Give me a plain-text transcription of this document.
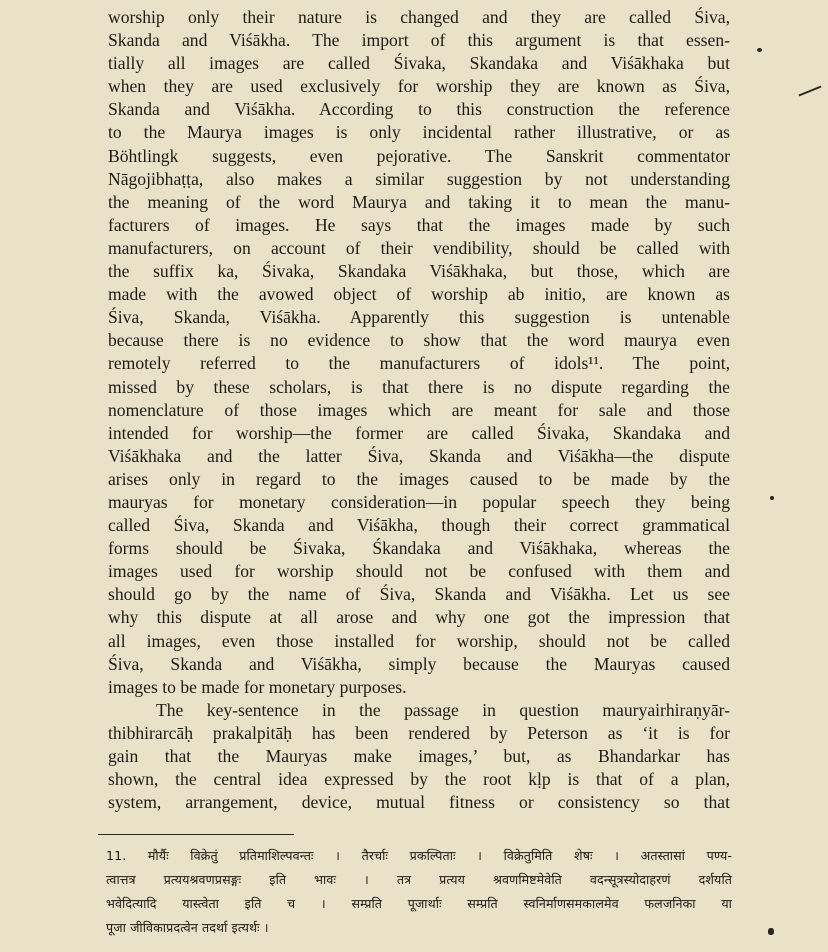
worship only their nature is changed and they are called Śiva,
Skanda and Viśākha. The import of this argument is that essen-
tially all images are called Śivaka, Skandaka and Viśākhaka but
when they are used exclusively for worship they are known as Śiva,
Skanda and Viśākha. According to this construction the reference
to the Maurya images is only incidental rather illustrative, or as
Böhtlingk suggests, even pejorative. The Sanskrit commentator
Nāgojibhaṭṭa, also makes a similar suggestion by not understanding
the meaning of the word Maurya and taking it to mean the manu-
facturers of images. He says that the images made by such
manufacturers, on account of their vendibility, should be called with
the suffix ka, Śivaka, Skandaka Viśākhaka, but those, which are
made with the avowed object of worship ab initio, are known as
Śiva, Skanda, Viśākha. Apparently this suggestion is untenable
because there is no evidence to show that the word maurya even
remotely referred to the manufacturers of idols¹¹. The point,
missed by these scholars, is that there is no dispute regarding the
nomenclature of those images which are meant for sale and those
intended for worship—the former are called Śivaka, Skandaka and
Viśākhaka and the latter Śiva, Skanda and Viśākha—the dispute
arises only in regard to the images caused to be made by the
mauryas for monetary consideration—in popular speech they being
called Śiva, Skanda and Viśākha, though their correct grammatical
forms should be Śivaka, Śkandaka and Viśākhaka, whereas the
images used for worship should not be confused with them and
should go by the name of Śiva, Skanda and Viśākha. Let us see
why this dispute at all arose and why one got the impression that
all images, even those installed for worship, should not be called
Śiva, Skanda and Viśākha, simply because the Mauryas caused
images to be made for monetary purposes.
The key-sentence in the passage in question mauryairhiraṇyār-
thibhirarcāḥ prakalpitāḥ has been rendered by Peterson as ‘it is for
gain that the Mauryas make images,’ but, as Bhandarkar has
shown, the central idea expressed by the root kḷp is that of a plan,
system, arrangement, device, mutual fitness or consistency so that
11. मौर्यैः विक्रेतुं प्रतिमाशिल्पवन्तः । तैरर्चाः प्रकल्पिताः । विक्रेतुमिति शेषः । अतस्तासां पण्य-
त्वात्तत्र प्रत्ययश्रवणप्रसङ्गः इति भावः । तत्र प्रत्यय श्रवणमिष्टमेवेति वदन्सूत्रस्योदाहरणं दर्शयति
भवेदित्यादि यास्त्वेता इति च । सम्प्रति पूजार्थाः सम्प्रति स्वनिर्माणसमकालमेव फलजनिका या
पूजा जीविकाप्रदत्वेन तदर्था इत्यर्थः ।
